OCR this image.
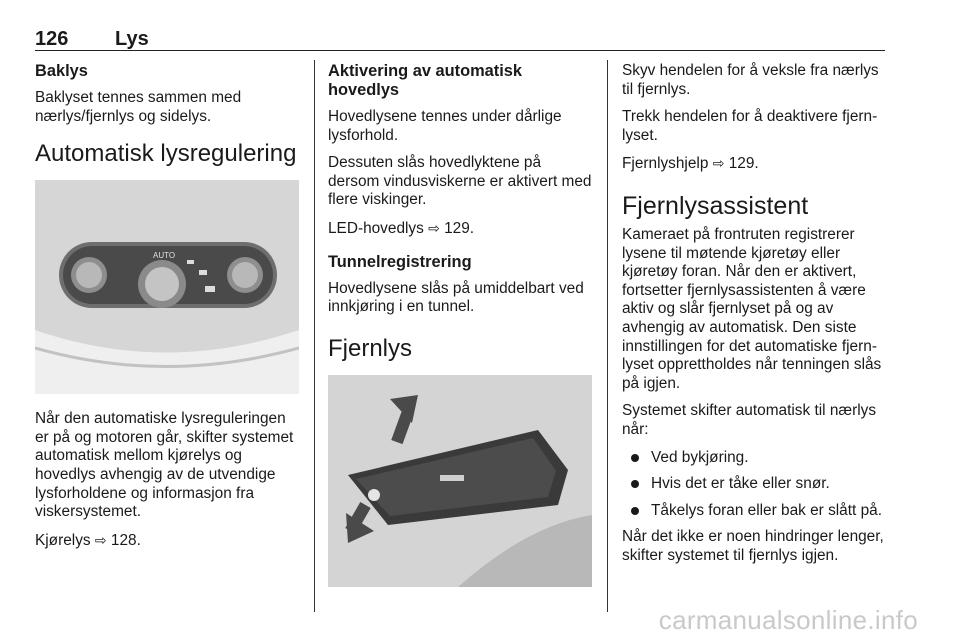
126 Lys
Baklys

Baklyset tennes sammen med nærlys/fjernlys og sidelys.

Automatisk lysregulering
AUTO

Når den automatiske lysreguleringen er på og motoren går, skifter systemet automatisk mellom kjørelys og hovedlys avhengig av de utvendige lysforholdene og informasjon fra viskersystemet.

Kjørelys ⇨ 128.

Aktivering av automatisk hovedlys

Hovedlysene tennes under dårlige lysforhold.

Dessuten slås hovedlyktene på dersom vindusviskerne er aktivert med flere viskinger.

LED-hovedlys ⇨ 129.

Tunnelregistrering

Hovedlysene slås på umiddelbart ved innkjøring i en tunnel.

Fjernlys

Skyv hendelen for å veksle fra nærlys til fjernlys.

Trekk hendelen for å deaktivere fjernlyset.

Fjernlyshjelp ⇨ 129.

Fjernlysassistent

Kameraet på frontruten registrerer lysene til møtende kjøretøy eller kjøretøy foran. Når den er aktivert, fortsetter fjernlysassistenten å være aktiv og slår fjernlyset på og av avhengig av automatisk. Den siste innstillingen for det automatiske fjernlyset opprettholdes når tenningen slås på igjen.

Systemet skifter automatisk til nærlys når:

Ved bykjøring.
Hvis det er tåke eller snør.
Tåkelys foran eller bak er slått på.

Når det ikke er noen hindringer lenger, skifter systemet til fjernlys igjen.

carmanualsonline.info
